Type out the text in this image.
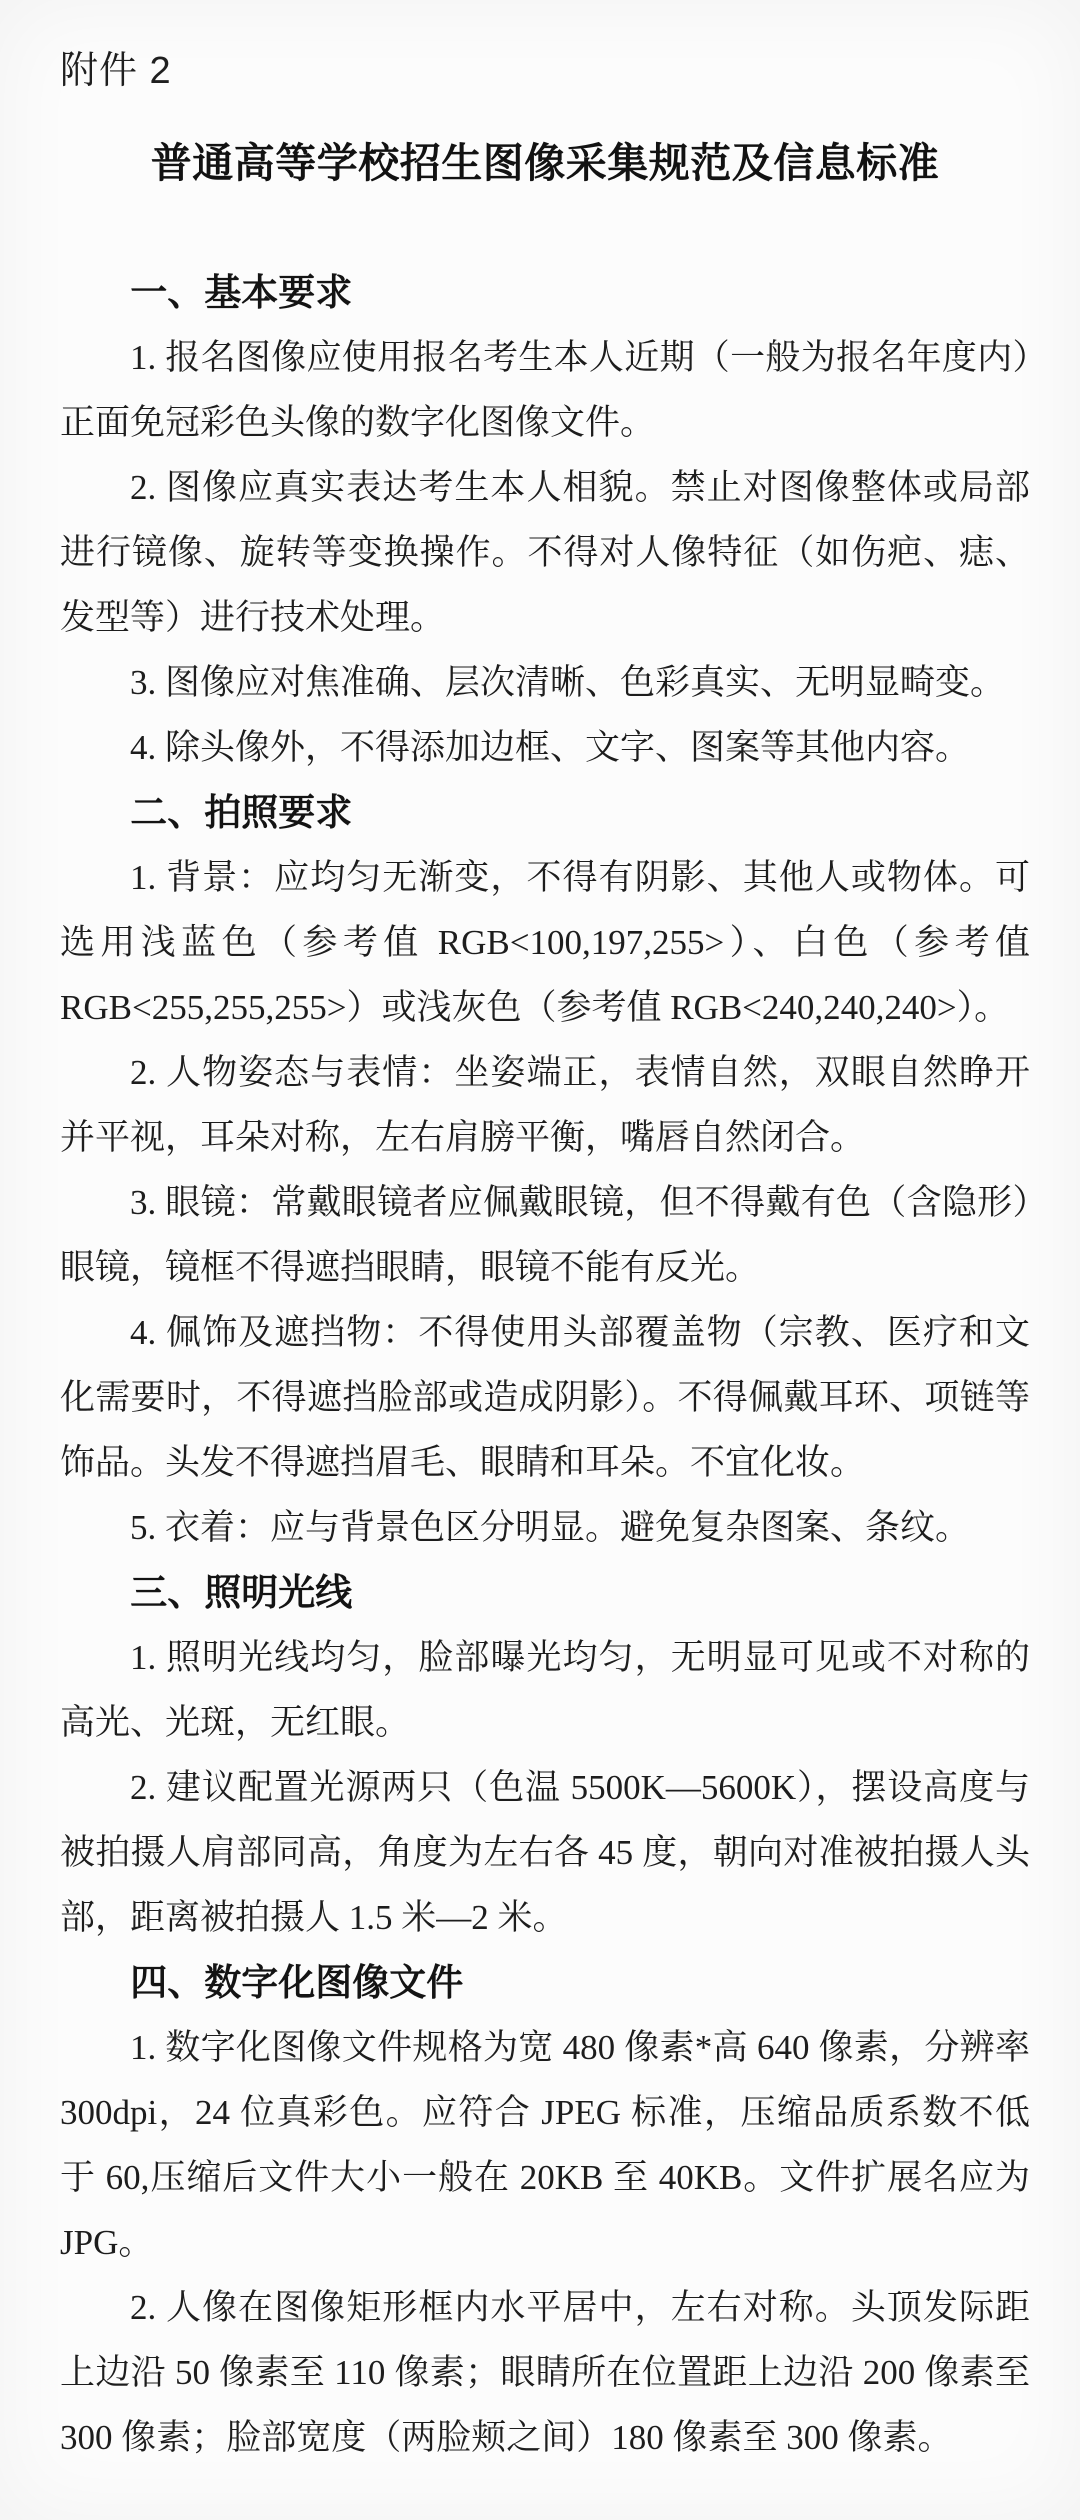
附件 2
普通高等学校招生图像采集规范及信息标准
一、基本要求

1. 报名图像应使用报名考生本人近期（一般为报名年度内）正面免冠彩色头像的数字化图像文件。

2. 图像应真实表达考生本人相貌。禁止对图像整体或局部进行镜像、旋转等变换操作。不得对人像特征（如伤疤、痣、发型等）进行技术处理。

3. 图像应对焦准确、层次清晰、色彩真实、无明显畸变。

4. 除头像外，不得添加边框、文字、图案等其他内容。

二、拍照要求

1. 背景：应均匀无渐变，不得有阴影、其他人或物体。可选用浅蓝色（参考值 RGB<100,197,255>）、白色（参考值 RGB<255,255,255>）或浅灰色（参考值 RGB<240,240,240>）。

2. 人物姿态与表情：坐姿端正，表情自然，双眼自然睁开并平视，耳朵对称，左右肩膀平衡，嘴唇自然闭合。

3. 眼镜：常戴眼镜者应佩戴眼镜，但不得戴有色（含隐形）眼镜，镜框不得遮挡眼睛，眼镜不能有反光。

4. 佩饰及遮挡物：不得使用头部覆盖物（宗教、医疗和文化需要时，不得遮挡脸部或造成阴影）。不得佩戴耳环、项链等饰品。头发不得遮挡眉毛、眼睛和耳朵。不宜化妆。

5. 衣着：应与背景色区分明显。避免复杂图案、条纹。

三、照明光线

1. 照明光线均匀，脸部曝光均匀，无明显可见或不对称的高光、光斑，无红眼。

2. 建议配置光源两只（色温 5500K—5600K），摆设高度与被拍摄人肩部同高，角度为左右各 45 度，朝向对准被拍摄人头部，距离被拍摄人 1.5 米—2 米。

四、数字化图像文件

1. 数字化图像文件规格为宽 480 像素*高 640 像素，分辨率 300dpi，24 位真彩色。应符合 JPEG 标准，压缩品质系数不低于 60,压缩后文件大小一般在 20KB 至 40KB。文件扩展名应为 JPG。

2. 人像在图像矩形框内水平居中，左右对称。头顶发际距上边沿 50 像素至 110 像素；眼睛所在位置距上边沿 200 像素至 300 像素；脸部宽度（两脸颊之间）180 像素至 300 像素。
